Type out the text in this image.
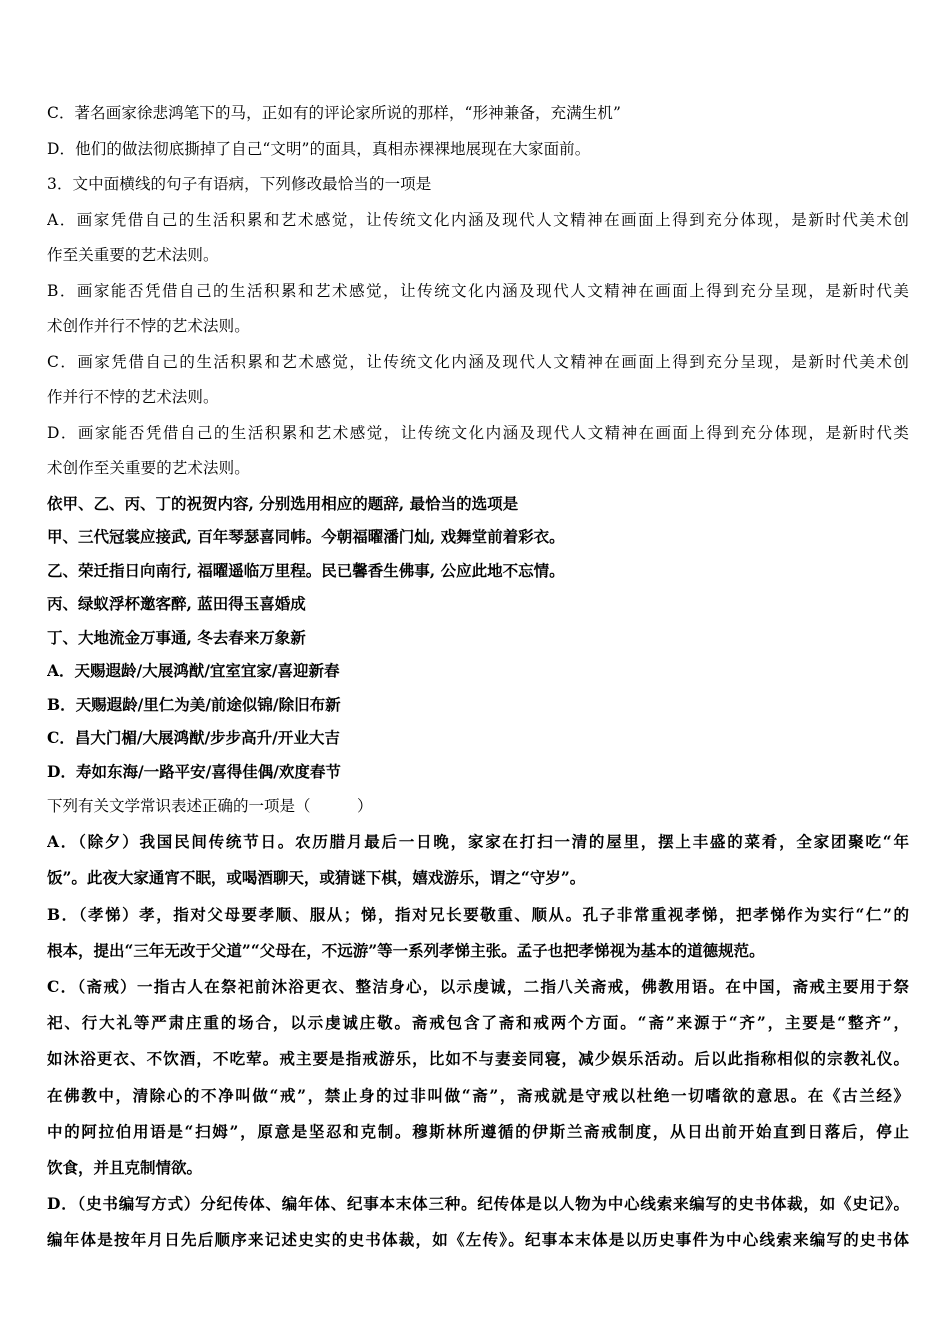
C．著名画家徐悲鸿笔下的马，正如有的评论家所说的那样，“形神兼备，充满生机”
D．他们的做法彻底撕掉了自己“文明”的面具，真相赤裸裸地展现在大家面前。
3．文中面横线的句子有语病，下列修改最恰当的一项是
A．画家凭借自己的生活积累和艺术感觉，让传统文化内涵及现代人文精神在画面上得到充分体现，是新时代美术创
作至关重要的艺术法则。
B．画家能否凭借自己的生活积累和艺术感觉，让传统文化内涵及现代人文精神在画面上得到充分呈现，是新时代美
术创作并行不悖的艺术法则。
C．画家凭借自己的生活积累和艺术感觉，让传统文化内涵及现代人文精神在画面上得到充分呈现，是新时代美术创
作并行不悖的艺术法则。
D．画家能否凭借自己的生活积累和艺术感觉，让传统文化内涵及现代人文精神在画面上得到充分体现，是新时代类
术创作至关重要的艺术法则。
依甲、乙、丙、丁的祝贺内容, 分别选用相应的题辞, 最恰当的选项是
甲、三代冠裳应接武, 百年琴瑟喜同帏。今朝福曜潘门灿, 戏舞堂前着彩衣。
乙、荣迁指日向南行, 福曜遥临万里程。民已馨香生佛事, 公应此地不忘情。
丙、绿蚁浮杯邀客醉, 蓝田得玉喜婚成
丁、大地流金万事通, 冬去春来万象新
A．天赐遐龄/大展鸿猷/宜室宜家/喜迎新春
B．天赐遐龄/里仁为美/前途似锦/除旧布新
C．昌大门楣/大展鸿猷/步步高升/开业大吉
D．寿如东海/一路平安/喜得佳偶/欢度春节
下列有关文学常识表述正确的一项是（　　　）
A．（除夕）我国民间传统节日。农历腊月最后一日晚，家家在打扫一清的屋里，摆上丰盛的菜肴，全家团聚吃“年
饭”。此夜大家通宵不眠，或喝酒聊天，或猜谜下棋，嬉戏游乐，谓之“守岁”。
B．（孝悌）孝，指对父母要孝顺、服从；悌，指对兄长要敬重、顺从。孔子非常重视孝悌，把孝悌作为实行“仁”的
根本，提出“三年无改于父道”“父母在，不远游”等一系列孝悌主张。孟子也把孝悌视为基本的道德规范。
C．（斋戒）一指古人在祭祀前沐浴更衣、整洁身心，以示虔诚，二指八关斋戒，佛教用语。在中国，斋戒主要用于祭
祀、行大礼等严肃庄重的场合，以示虔诚庄敬。斋戒包含了斋和戒两个方面。“斋”来源于“齐”，主要是“整齐”，
如沐浴更衣、不饮酒，不吃荤。戒主要是指戒游乐，比如不与妻妾同寝，减少娱乐活动。后以此指称相似的宗教礼仪。
在佛教中，清除心的不净叫做“戒”，禁止身的过非叫做“斋”，斋戒就是守戒以杜绝一切嗜欲的意思。在《古兰经》
中的阿拉伯用语是“扫姆”，原意是坚忍和克制。穆斯林所遵循的伊斯兰斋戒制度，从日出前开始直到日落后，停止
饮食，并且克制情欲。
D．（史书编写方式）分纪传体、编年体、纪事本末体三种。纪传体是以人物为中心线索来编写的史书体裁，如《史记》。
编年体是按年月日先后顺序来记述史实的史书体裁，如《左传》。纪事本末体是以历史事件为中心线索来编写的史书体
